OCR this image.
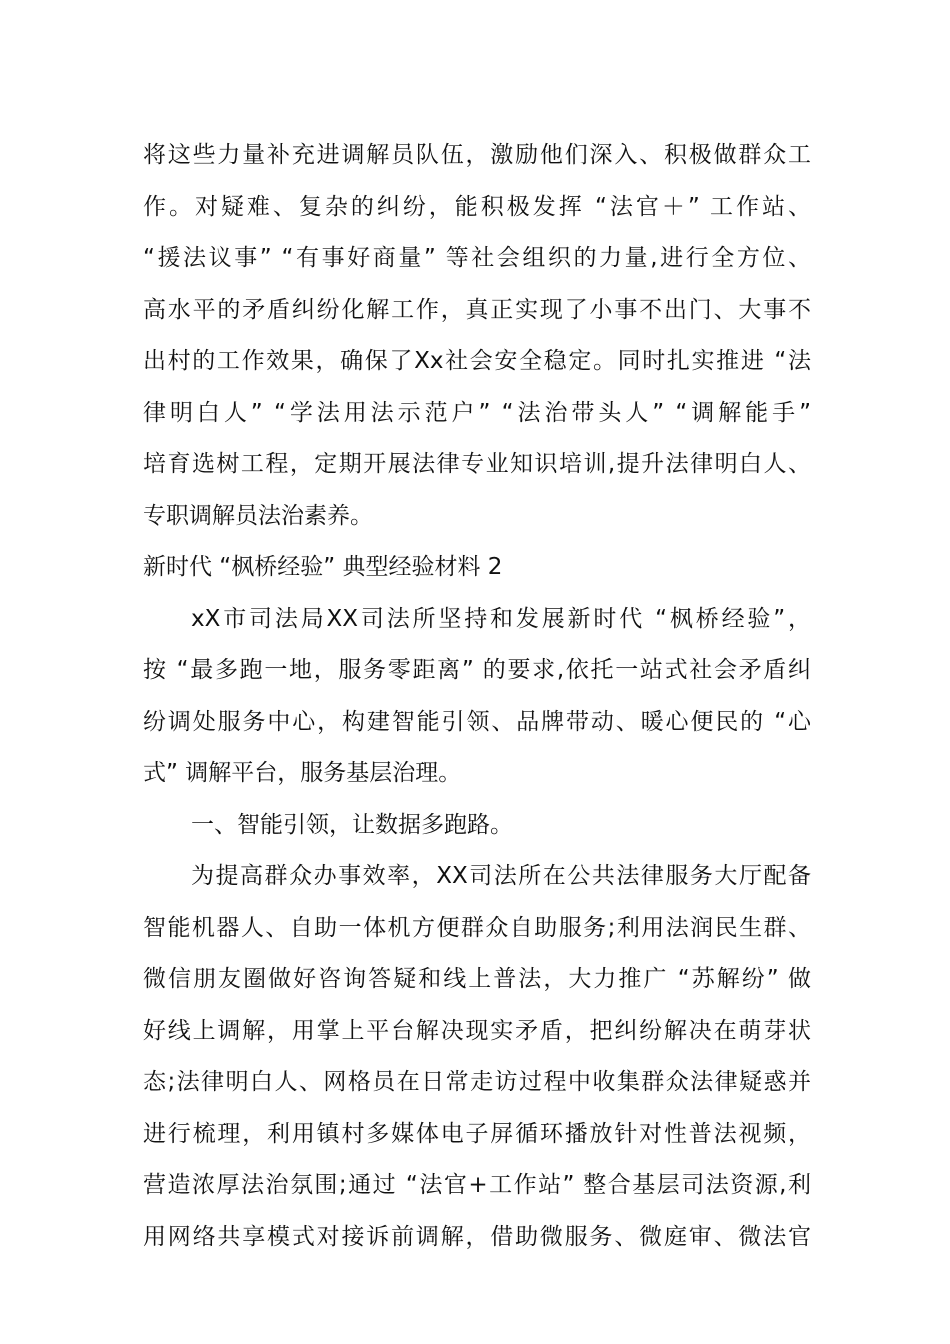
将这些力量补充进调解员队伍，激励他们深入、积极做群众工
作。对疑难、复杂的纠纷，能积极发挥 “法官＋” 工作站、
“援法议事” “有事好商量” 等社会组织的力量,进行全方位、
高水平的矛盾纠纷化解工作，真正实现了小事不出门、大事不
出村的工作效果，确保了Xx社会安全稳定。同时扎实推进 “法
律明白人” “学法用法示范户” “法治带头人” “调解能手”
培育选树工程，定期开展法律专业知识培训,提升法律明白人、
专职调解员法治素养。
新时代 “枫桥经验” 典型经验材料 2
xX市司法局XX司法所坚持和发展新时代 “枫桥经验”，
按 “最多跑一地，服务零距离” 的要求,依托一站式社会矛盾纠
纷调处服务中心，构建智能引领、品牌带动、暖心便民的 “心
式” 调解平台，服务基层治理。
一、智能引领，让数据多跑路。
为提高群众办事效率，XX司法所在公共法律服务大厅配备
智能机器人、自助一体机方便群众自助服务;利用法润民生群、
微信朋友圈做好咨询答疑和线上普法，大力推广 “苏解纷” 做
好线上调解，用掌上平台解决现实矛盾，把纠纷解决在萌芽状
态;法律明白人、网格员在日常走访过程中收集群众法律疑惑并
进行梳理，利用镇村多媒体电子屏循环播放针对性普法视频，
营造浓厚法治氛围;通过 “法官+工作站” 整合基层司法资源,利
用网络共享模式对接诉前调解，借助微服务、微庭审、微法官
